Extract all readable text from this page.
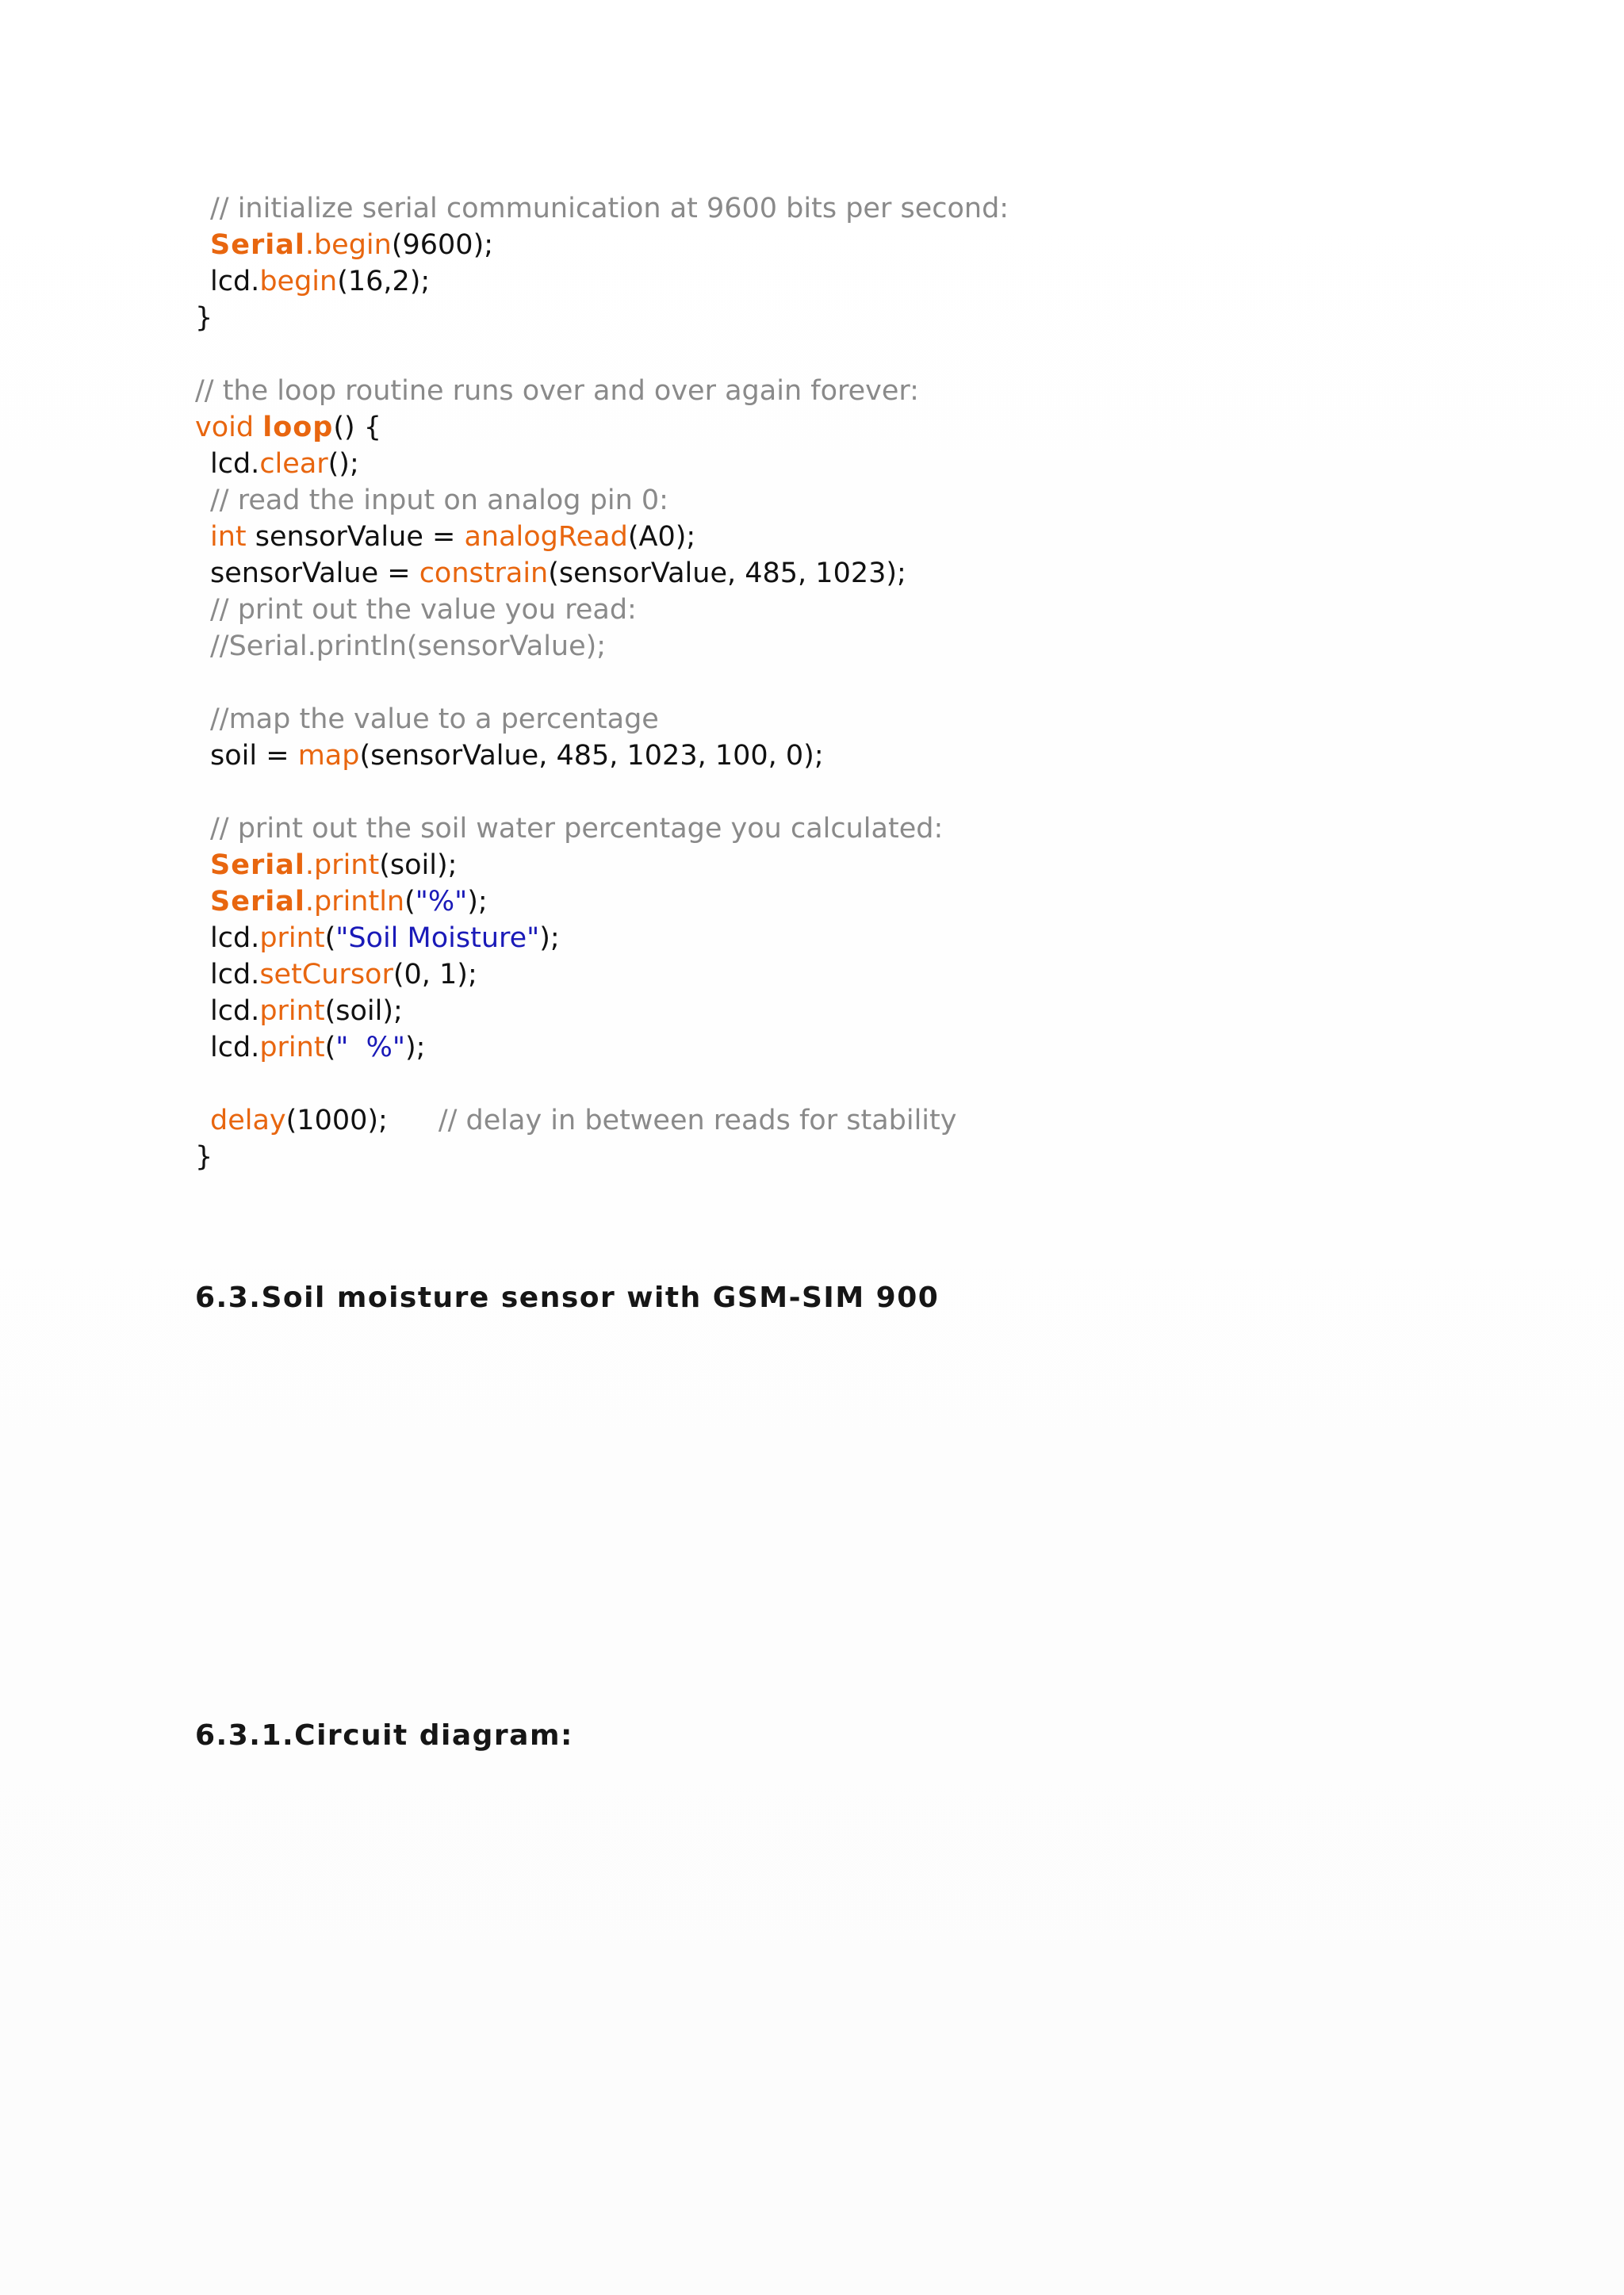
// initialize serial communication at 9600 bits per second:
Serial.begin(9600);
lcd.begin(16,2);
}
// the loop routine runs over and over again forever:
void loop() {
lcd.clear();
// read the input on analog pin 0:
int sensorValue = analogRead(A0);
sensorValue = constrain(sensorValue, 485, 1023);
// print out the value you read:
//Serial.println(sensorValue);
//map the value to a percentage
soil = map(sensorValue, 485, 1023, 100, 0);
// print out the soil water percentage you calculated:
Serial.print(soil);
Serial.println("%");
lcd.print("Soil Moisture");
lcd.setCursor(0, 1);
lcd.print(soil);
lcd.print("  %");
delay(1000); // delay in between reads for stability
}
6.3.Soil moisture sensor with GSM-SIM 900
6.3.1.Circuit diagram:
